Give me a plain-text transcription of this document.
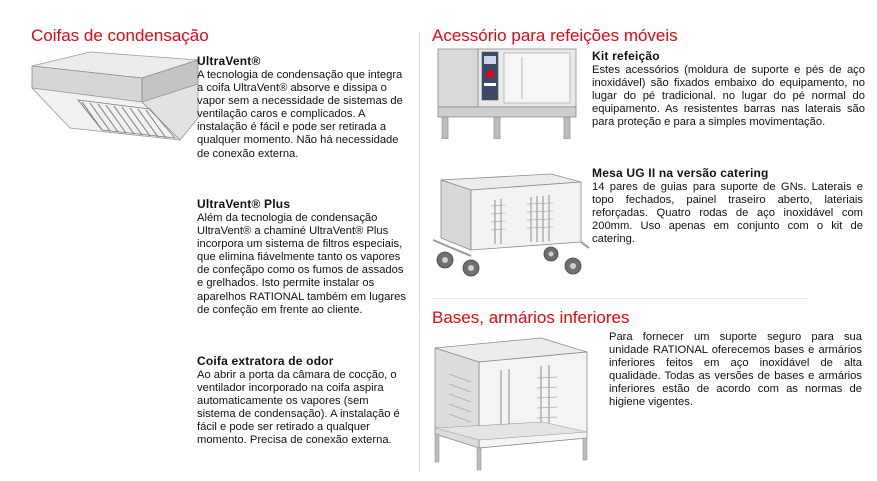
Coifas de condensação
UltraVent®

A tecnologia de condensação que integra a coifa UltraVent® absorve e dissipa o vapor sem a necessidade de sistemas de ventilação caros e complicados. A instalação é fácil e pode ser retirada a qualquer momento. Não há necessidade de conexão externa.

UltraVent® Plus

Além da tecnologia de condensação UltraVent® a chaminé UltraVent® Plus incorpora um sistema de filtros especiais, que elimina fiávelmente tanto os vapores de confeçãpo como os fumos de assados e grelhados. Isto permite instalar os aparelhos RATIONAL também em lugares de confeção em frente ao cliente.

Coifa extratora de odor

Ao abrir a porta da câmara de cocção, o ventilador incorporado na coifa aspira automaticamente os vapores (sem sistema de condensação). A instalação é fácil e pode ser retirado a qualquer momento. Precisa de conexão externa.

Acessório para refeições móveis
Kit refeição

Estes acessórios (moldura de suporte e pés de aço inoxidável) são fixados embaixo do equipamento, no lugar do pé tradicional. no lugar do pé normal do equipamento. As resistentes barras nas laterais são para proteção e para a simples movimentação.

Mesa UG II na versão catering

14 pares de guias para suporte de GNs. Laterais e topo fechados, painel traseiro aberto, lateriais reforçadas. Quatro rodas de aço inoxidável com 200mm. Uso apenas em conjunto com o kit de catering.

Bases, armários inferiores

Para fornecer um suporte seguro para sua unidade RATIONAL oferecemos bases e armários inferiores feitos em aço inoxidável de alta qualidade. Todas as versões de bases e armários inferiores estão de acordo com as normas de higiene vigentes.
